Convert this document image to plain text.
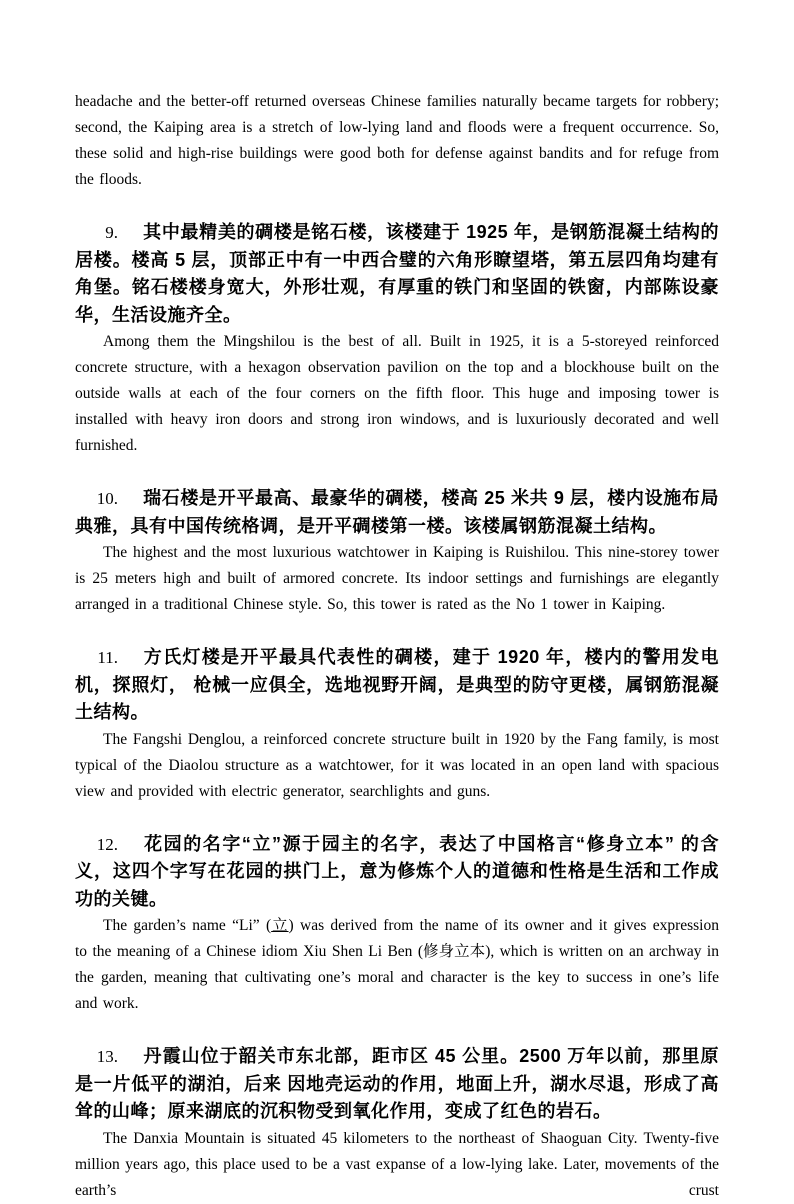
headache and the better-off returned overseas Chinese families naturally became targets for robbery; second, the Kaiping area is a stretch of low-lying land and floods were a frequent occurrence. So, these solid and high-rise buildings were good both for defense against bandits and for refuge from the floods.

9. 其中最精美的碉楼是铭石楼，该楼建于 1925 年，是钢筋混凝土结构的居楼。楼高 5 层，顶部正中有一中西合璧的六角形瞭望塔，第五层四角均建有角堡。铭石楼楼身宽大，外形壮观，有厚重的铁门和坚固的铁窗，内部陈设豪华，生活设施齐全。

Among them the Mingshilou is the best of all. Built in 1925, it is a 5-storeyed reinforced concrete structure, with a hexagon observation pavilion on the top and a blockhouse built on the outside walls at each of the four corners on the fifth floor. This huge and imposing tower is installed with heavy iron doors and strong iron windows, and is luxuriously decorated and well furnished.

10. 瑞石楼是开平最高、最豪华的碉楼，楼高 25 米共 9 层，楼内设施布局典雅，具有中国传统格调，是开平碉楼第一楼。该楼属钢筋混凝土结构。

The highest and the most luxurious watchtower in Kaiping is Ruishilou. This nine-storey tower is 25 meters high and built of armored concrete. Its indoor settings and furnishings are elegantly arranged in a traditional Chinese style. So, this tower is rated as the No 1 tower in Kaiping.

11. 方氏灯楼是开平最具代表性的碉楼，建于 1920 年，楼内的警用发电机，探照灯， 枪械一应俱全，选地视野开阔，是典型的防守更楼，属钢筋混凝土结构。

The Fangshi Denglou, a reinforced concrete structure built in 1920 by the Fang family, is most typical of the Diaolou structure as a watchtower, for it was located in an open land with spacious view and provided with electric generator, searchlights and guns.

12. 花园的名字“立”源于园主的名字，表达了中国格言“修身立本” 的含义，这四个字写在花园的拱门上，意为修炼个人的道德和性格是生活和工作成功的关键。

The garden’s name “Li” (立) was derived from the name of its owner and it gives expression to the meaning of a Chinese idiom Xiu Shen Li Ben (修身立本), which is written on an archway in the garden, meaning that cultivating one’s moral and character is the key to success in one’s life and work.

13. 丹霞山位于韶关市东北部，距市区 45 公里。2500 万年以前，那里原是一片低平的湖泊，后来 因地壳运动的作用，地面上升，湖水尽退，形成了高耸的山峰；原来湖底的沉积物受到氧化作用，变成了红色的岩石。

The Danxia Mountain is situated 45 kilometers to the northeast of Shaoguan City. Twenty-five million years ago, this place used to be a vast expanse of a low-lying lake. Later, movements of the earth’s crust
